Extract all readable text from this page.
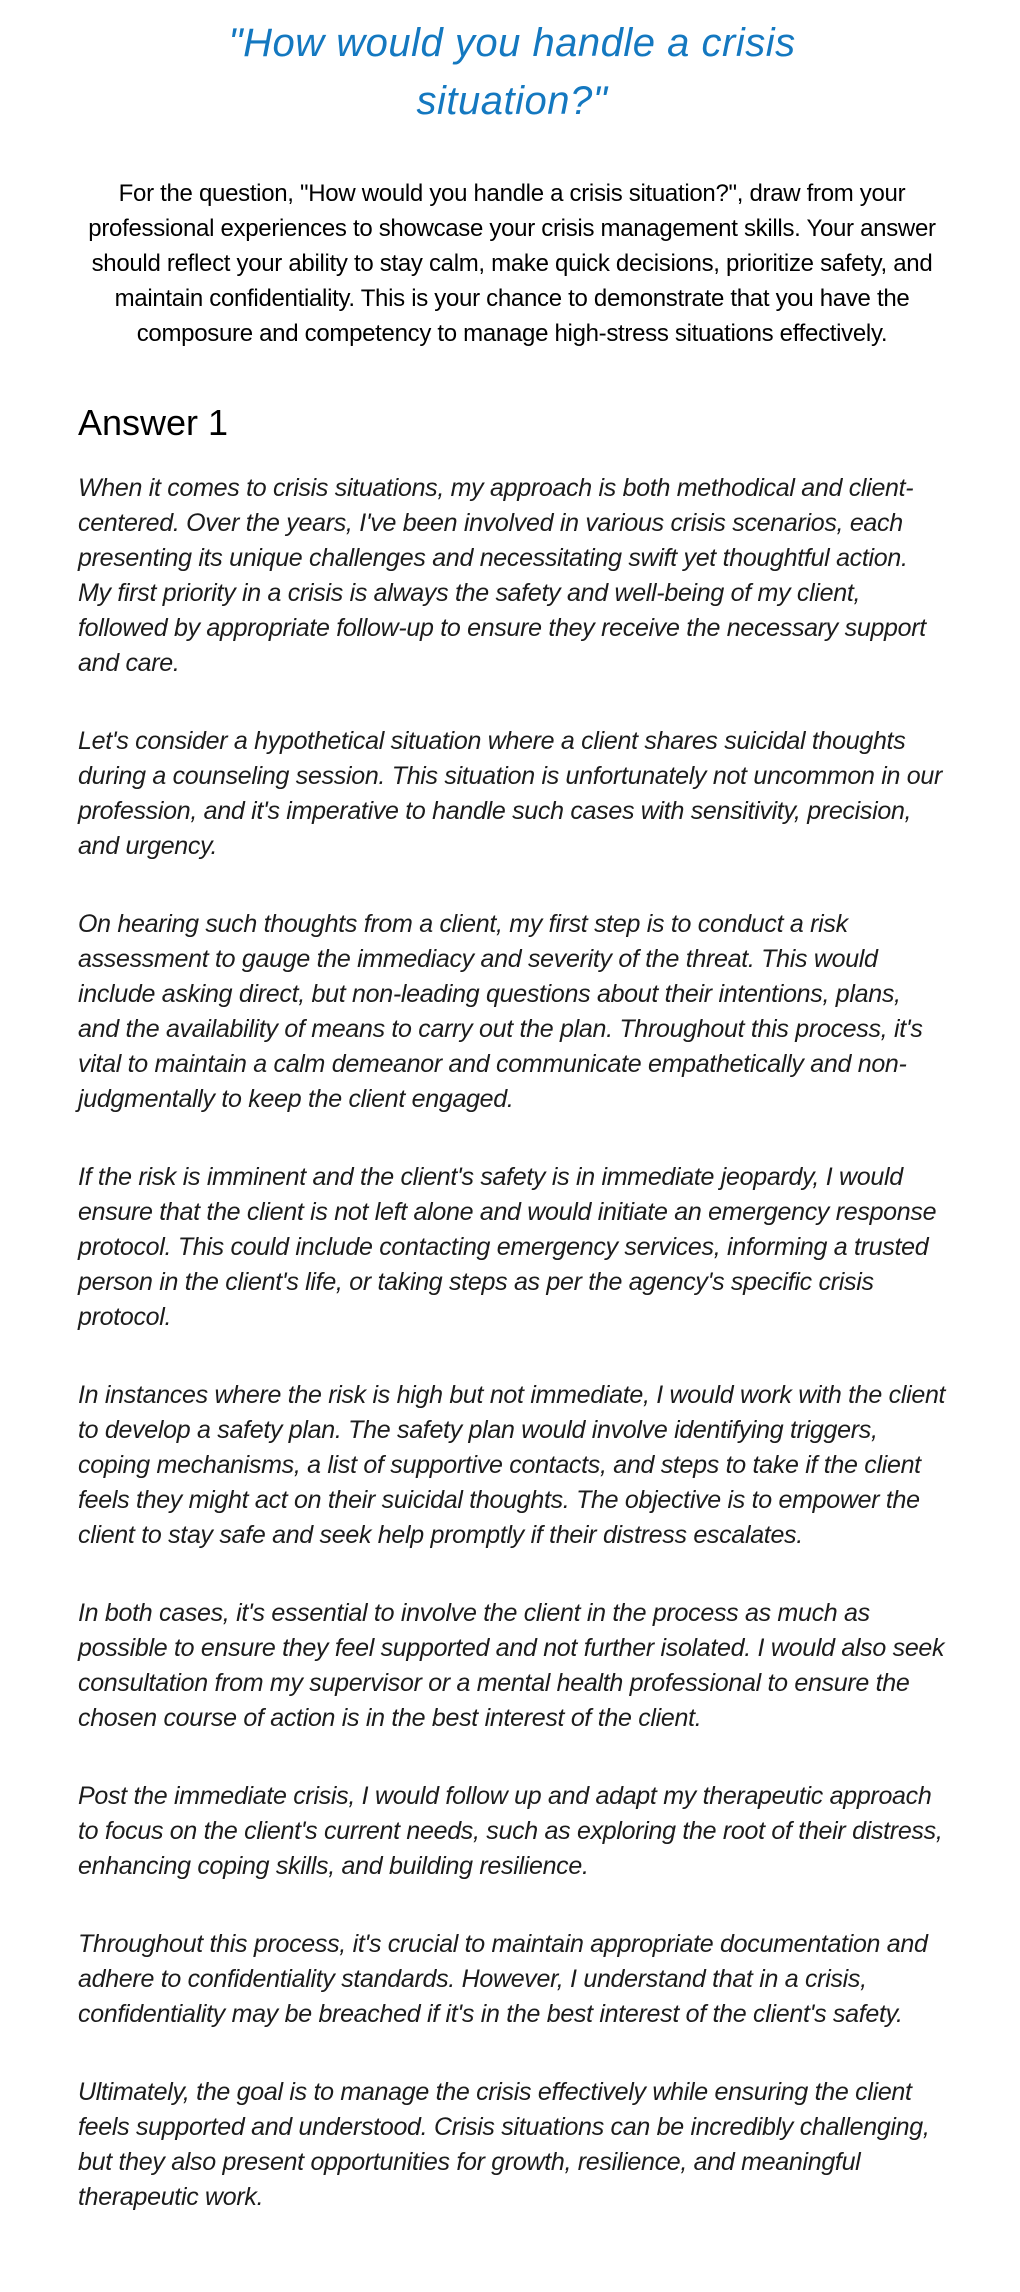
"How would you handle a crisis situation?"

For the question, "How would you handle a crisis situation?", draw from your professional experiences to showcase your crisis management skills. Your answer should reflect your ability to stay calm, make quick decisions, prioritize safety, and maintain confidentiality. This is your chance to demonstrate that you have the composure and competency to manage high-stress situations effectively.

Answer 1

When it comes to crisis situations, my approach is both methodical and client-centered. Over the years, I've been involved in various crisis scenarios, each presenting its unique challenges and necessitating swift yet thoughtful action. My first priority in a crisis is always the safety and well-being of my client, followed by appropriate follow-up to ensure they receive the necessary support and care.

Let's consider a hypothetical situation where a client shares suicidal thoughts during a counseling session. This situation is unfortunately not uncommon in our profession, and it's imperative to handle such cases with sensitivity, precision, and urgency.

On hearing such thoughts from a client, my first step is to conduct a risk assessment to gauge the immediacy and severity of the threat. This would include asking direct, but non-leading questions about their intentions, plans, and the availability of means to carry out the plan. Throughout this process, it's vital to maintain a calm demeanor and communicate empathetically and non-judgmentally to keep the client engaged.

If the risk is imminent and the client's safety is in immediate jeopardy, I would ensure that the client is not left alone and would initiate an emergency response protocol. This could include contacting emergency services, informing a trusted person in the client's life, or taking steps as per the agency's specific crisis protocol.

In instances where the risk is high but not immediate, I would work with the client to develop a safety plan. The safety plan would involve identifying triggers, coping mechanisms, a list of supportive contacts, and steps to take if the client feels they might act on their suicidal thoughts. The objective is to empower the client to stay safe and seek help promptly if their distress escalates.

In both cases, it's essential to involve the client in the process as much as possible to ensure they feel supported and not further isolated. I would also seek consultation from my supervisor or a mental health professional to ensure the chosen course of action is in the best interest of the client.

Post the immediate crisis, I would follow up and adapt my therapeutic approach to focus on the client's current needs, such as exploring the root of their distress, enhancing coping skills, and building resilience.

Throughout this process, it's crucial to maintain appropriate documentation and adhere to confidentiality standards. However, I understand that in a crisis, confidentiality may be breached if it's in the best interest of the client's safety.

Ultimately, the goal is to manage the crisis effectively while ensuring the client feels supported and understood. Crisis situations can be incredibly challenging, but they also present opportunities for growth, resilience, and meaningful therapeutic work.
